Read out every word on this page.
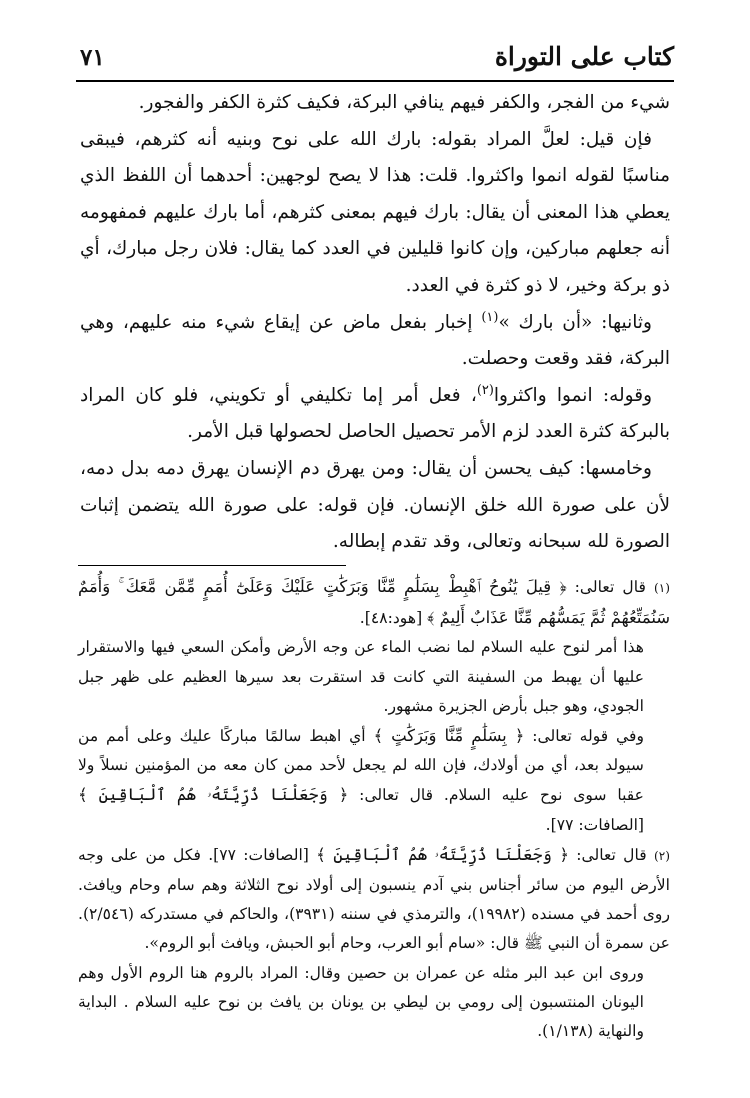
كتاب على التوراة
٧١

شيء من الفجر، والكفر فيهم ينافي البركة، فكيف كثرة الكفر والفجور.

فإن قيل: لعلَّ المراد بقوله: بارك الله على نوح وبنيه أنه كثرهم، فيبقى مناسبًا لقوله انموا واكثروا. قلت: هذا لا يصح لوجهين: أحدهما أن اللفظ الذي يعطي هذا المعنى أن يقال: بارك فيهم بمعنى كثرهم، أما بارك عليهم فمفهومه أنه جعلهم مباركين، وإن كانوا قليلين في العدد كما يقال: فلان رجل مبارك، أي ذو بركة وخير، لا ذو كثرة في العدد.

وثانيها: «أن بارك »$^{(١)}$ إخبار بفعل ماض عن إيقاع شيء منه عليهم، وهي البركة، فقد وقعت وحصلت.

وقوله: انموا واكثروا$^{(٢)}$، فعل أمر إما تكليفي أو تكويني، فلو كان المراد بالبركة كثرة العدد لزم الأمر تحصيل الحاصل لحصولها قبل الأمر.

وخامسها: كيف يحسن أن يقال: ومن يهرق دم الإنسان يهرق دمه بدل دمه، لأن على صورة الله خلق الإنسان. فإن قوله: على صورة الله يتضمن إثبات الصورة لله سبحانه وتعالى، وقد تقدم إبطاله.

(١) قال تعالى: ﴿ قِيلَ يَٰنُوحُ ٱهْبِطْ بِسَلَٰمٍ مِّنَّا وَبَرَكَٰتٍ عَلَيْكَ وَعَلَىٰٓ أُمَمٍ مِّمَّن مَّعَكَ ۚ وَأُمَمٌ سَنُمَتِّعُهُمْ ثُمَّ يَمَسُّهُم مِّنَّا عَذَابٌ أَلِيمٌ ﴾ [هود:٤٨].

هذا أمر لنوح عليه السلام لما نضب الماء عن وجه الأرض وأمكن السعي فيها والاستقرار عليها أن يهبط من السفينة التي كانت قد استقرت بعد سيرها العظيم على ظهر جبل الجودي، وهو جبل بأرض الجزيرة مشهور.

وفي قوله تعالى: ﴿ بِسَلَٰمٍ مِّنَّا وَبَرَكَٰتٍ ﴾ أي اهبط سالمًا مباركًا عليك وعلى أمم من سيولد بعد، أي من أولادك، فإن الله لم يجعل لأحد ممن كان معه من المؤمنين نسلاً ولا عقبا سوى نوح عليه السلام. قال تعالى: ﴿ وَجَعَلْنَا ذُرِّيَّتَهُۥ هُمُ ٱلْبَاقِينَ ﴾ [الصافات: ٧٧].

(٢) قال تعالى: ﴿ وَجَعَلْنَا ذُرِّيَّتَهُۥ هُمُ ٱلْبَاقِينَ ﴾ [الصافات: ٧٧]. فكل من على وجه الأرض اليوم من سائر أجناس بني آدم ينسبون إلى أولاد نوح الثلاثة وهم سام وحام ويافث. روى أحمد في مسنده (١٩٩٨٢)، والترمذي في سننه (٣٩٣١)، والحاكم في مستدركه (٢/٥٤٦). عن سمرة أن النبي ﷺ قال: «سام أبو العرب، وحام أبو الحبش، ويافث أبو الروم».

وروى ابن عبد البر مثله عن عمران بن حصين وقال: المراد بالروم هنا الروم الأول وهم اليونان المنتسبون إلى رومي بن ليطي بن يونان بن يافث بن نوح عليه السلام . البداية والنهاية (١/١٣٨).
